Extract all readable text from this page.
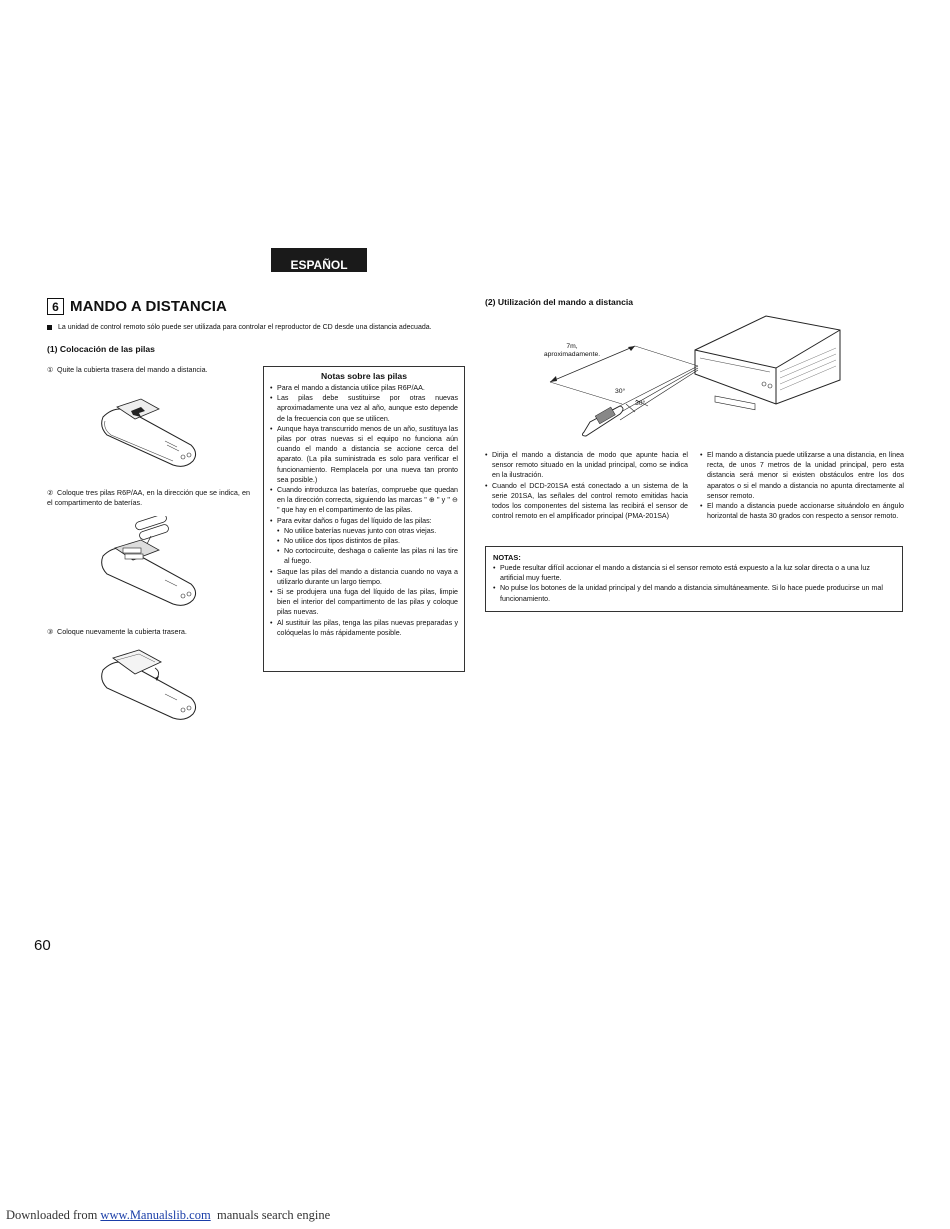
ESPAÑOL
6 MANDO A DISTANCIA
La unidad de control remoto sólo puede ser utilizada para controlar el reproductor de CD desde una distancia adecuada.
(1) Colocación de las pilas
① Quite la cubierta trasera del mando a distancia.
② Coloque tres pilas R6P/AA, en la dirección que se indica, en el compartimento de baterías.
③ Coloque nuevamente la cubierta trasera.
Notas sobre las pilas
• Para el mando a distancia utilice pilas R6P/AA.
• Las pilas debe sustituirse por otras nuevas aproximadamente una vez al año, aunque esto depende de la frecuencia con que se utilicen.
• Aunque haya transcurrido menos de un año, sustituya las pilas por otras nuevas si el equipo no funciona aún cuando el mando a distancia se accione cerca del aparato. (La pila suministrada es solo para verificar el funcionamiento. Remplacela por una nueva tan pronto sea posible.)
• Cuando introduzca las baterías, compruebe que quedan en la dirección correcta, siguiendo las marcas " ⊕ " y " ⊖ " que hay en el compartimento de las pilas.
• Para evitar daños o fugas del líquido de las pilas:
• No utilice baterías nuevas junto con otras viejas.
• No utilice dos tipos distintos de pilas.
• No cortocircuite, deshaga o caliente las pilas ni las tire al fuego.
• Saque las pilas del mando a distancia cuando no vaya a utilizarlo durante un largo tiempo.
• Si se produjera una fuga del líquido de las pilas, limpie bien el interior del compartimento de las pilas y coloque pilas nuevas.
• Al sustituir las pilas, tenga las pilas nuevas preparadas y colóquelas lo más rápidamente posible.
(2) Utilización del mando a distancia
7m,
aproximadamente.
30°
30°
• Dirija el mando a distancia de modo que apunte hacia el sensor remoto situado en la unidad principal, como se indica en la ilustración.
• Cuando el DCD-201SA está conectado a un sistema de la serie 201SA, las señales del control remoto emitidas hacia todos los componentes del sistema las recibirá el sensor de control remoto en el amplificador principal (PMA-201SA)
• El mando a distancia puede utilizarse a una distancia, en línea recta, de unos 7 metros de la unidad principal, pero esta distancia será menor si existen obstáculos entre los dos aparatos o si el mando a distancia no apunta directamente al sensor remoto.
• El mando a distancia puede accionarse situándolo en ángulo horizontal de hasta 30 grados con respecto a sensor remoto.
NOTAS:
• Puede resultar difícil accionar el mando a distancia si el sensor remoto está expuesto a la luz solar directa o a una luz artificial muy fuerte.
• No pulse los botones de la unidad principal y del mando a distancia simultáneamente. Si lo hace puede producirse un mal funcionamiento.
60
Downloaded from www.Manualslib.com  manuals search engine
